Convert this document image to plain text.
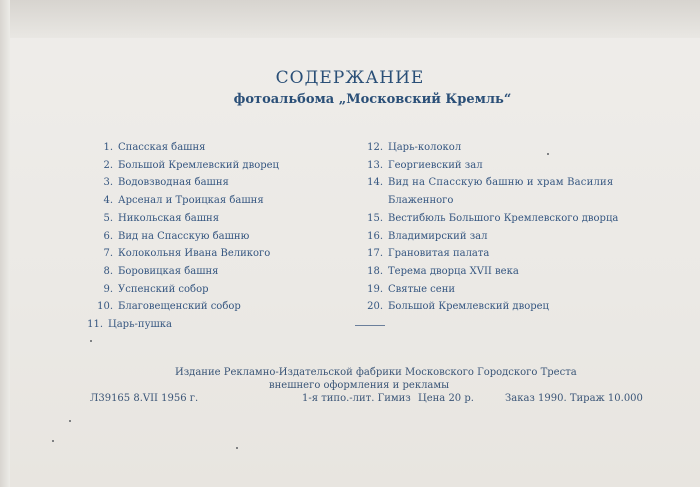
СОДЕРЖАНИЕ
фотоальбома „Московский Кремль“
1. Спасская башня
2. Большой Кремлевский дворец
3. Водовзводная башня
4. Арсенал и Троицкая башня
5. Никольская башня
6. Вид на Спасскую башню
7. Колокольня Ивана Великого
8. Боровицкая башня
9. Успенский собор
10. Благовещенский собор
11. Царь-пушка
12. Царь-колокол
13. Георгиевский зал
14. Вид на Спасскую башню и храм Василия
Блаженного
15. Вестибюль Большого Кремлевского дворца
16. Владимирский зал
17. Грановитая палата
18. Терема дворца XVII века
19. Святые сени
20. Большой Кремлевский дворец
Издание Рекламно-Издательской фабрики Московского Городского Треста
внешнего оформления и рекламы
Л39165 8.VII 1956 г.	1-я типо.-лит. Гимиз Цена 20 р.	Заказ 1990. Тираж 10.000
